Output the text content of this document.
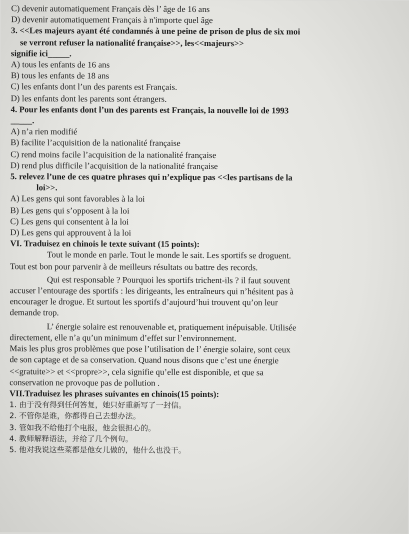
C) devenir automatiquement Français dès l’ âge de 16 ans
D) devenir automatiquement Français à n'importe quel âge
3. <<Les majeurs ayant été condamnés à une peine de prison de plus de six moi
se verront refuser la nationalité française>>, les<<majeurs>>
signifie ici_____.
A) tous les enfants de 16 ans
B) tous les enfants de 18 ans
C) les enfants dont l’un des parents est Français.
D) les enfants dont les parents sont étrangers.
4. Pour les enfants dont l’un des parents est Français, la nouvelle loi de 1993
_____.
A) n’a rien modifié
B) facilite l’acquisition de la nationalité française
C) rend moins facile l’acquisition de la nationalité française
D) rend plus difficile l’acquisition de la nationalité française
5. relevez l’une de ces quatre phrases qui n’explique pas <<les partisans de la
loi>>.
A) Les gens qui sont favorables à la loi
B) Les gens qui s’opposent à la loi
C) Les gens qui consentent à la loi
D) Les gens qui approuvent à la loi
VI. Traduisez en chinois le texte suivant (15 points):
Tout le monde en parle. Tout le monde le sait. Les sportifs se droguent.
Tout est bon pour parvenir à de meilleurs résultats ou battre des records.
Qui est responsable ? Pourquoi les sportifs trichent-ils ? il faut souvent
accuser l’entourage des sportifs : les dirigeants, les entraîneurs qui n’hésitent pas à
encourager le drogue. Et surtout les sportifs d’aujourd’hui trouvent qu’on leur
demande trop.
L’ énergie solaire est renouvenable et, pratiquement inépuisable. Utilisée
directement, elle n’a qu’un minimum d’effet sur l’environnement.
Mais les plus gros problèmes que pose l’utilisation de l’ énergie solaire, sont ceux
de son captage et de sa conservation. Quand nous disons que c’est une énergie
<<gratuite>> et <<propre>>, cela signifie qu’elle est disponible, et que sa
conservation ne provoque pas de pollution .
VII.Traduisez les phrases suivantes en chinois(15 points):
1. 由于没有得到任何答复，她只好重新写了一封信。
2. 不管你是谁，你都得自己去想办法。
3. 管如我不给他打个电报，他会很担心的。
4. 教师解释语法，并给了几个例句。
5. 他对我说这些菜都是他女儿做的，他什么也没干。
